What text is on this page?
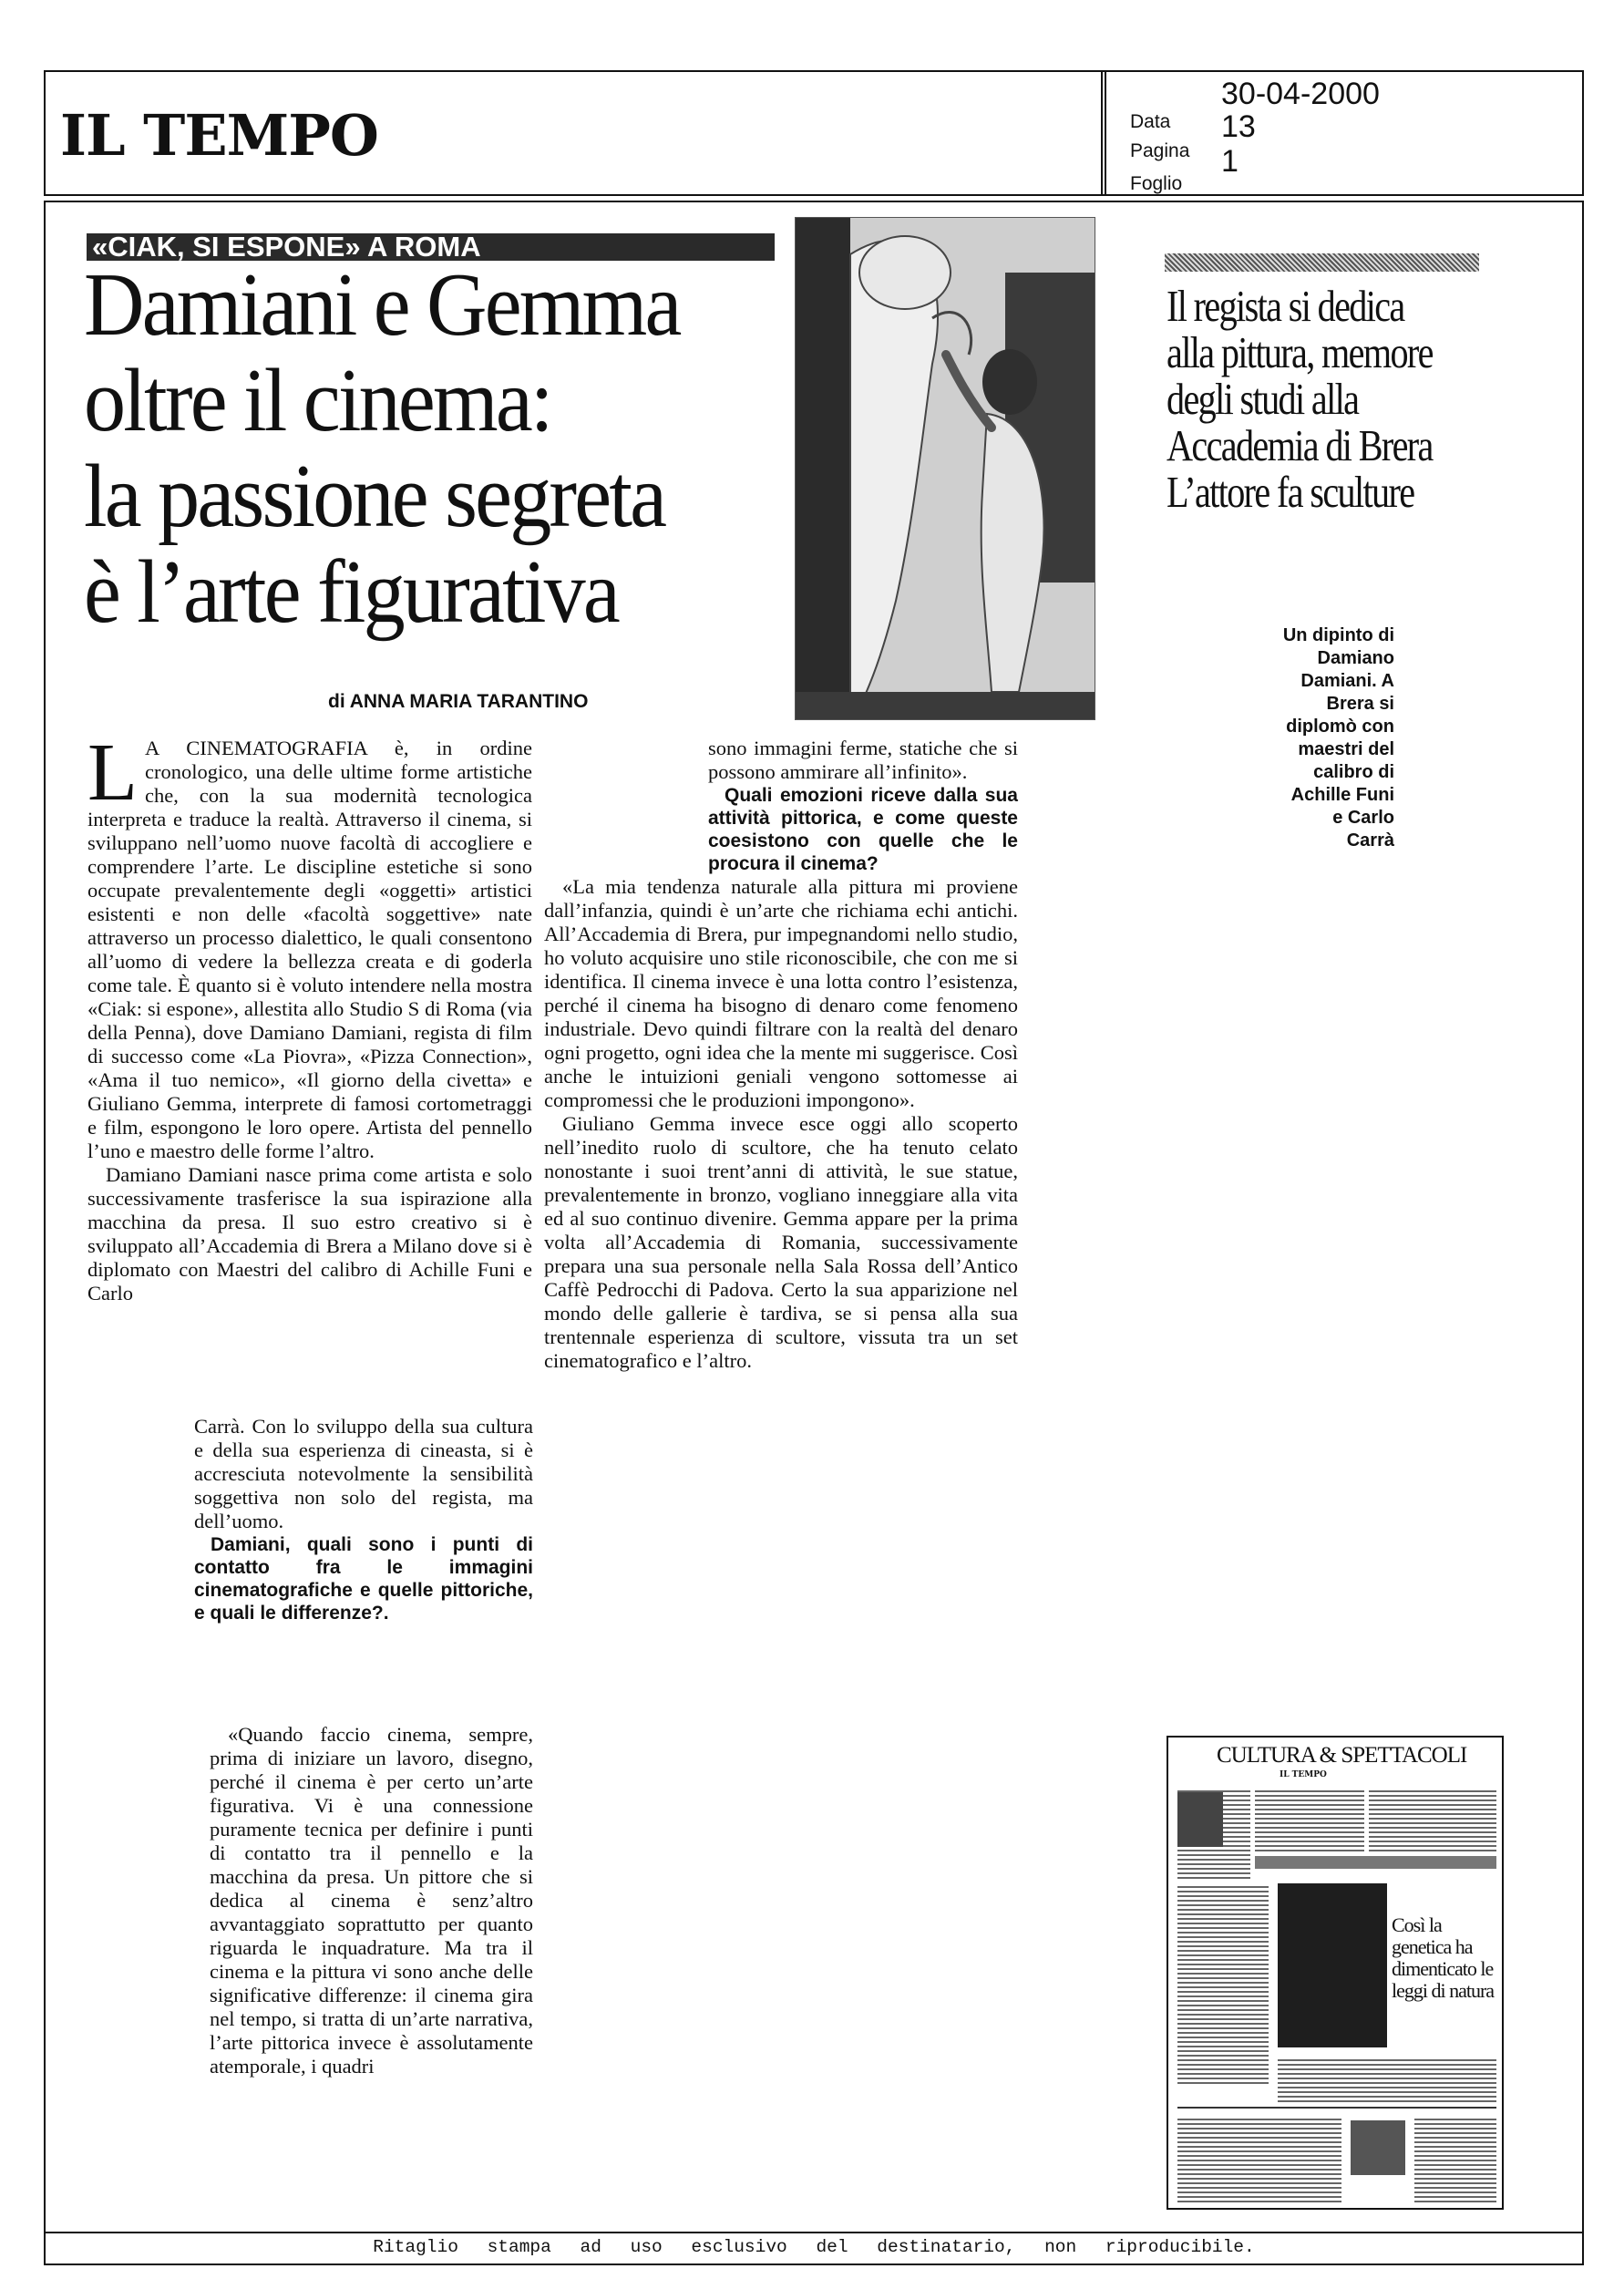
IL TEMPO	Data
30-04-2000
Pagina
13
Foglio
1
«CIAK, SI ESPONE» A ROMA
Damiani e Gemma
oltre il cinema:
la passione segreta
è l’arte figurativa
di ANNA MARIA TARANTINO

L A CINEMATOGRAFIA è, in ordine cronologico, una delle ultime forme artistiche che, con la sua modernità tecnologica interpreta e traduce la realtà. Attraverso il cinema, si sviluppano nell’uomo nuove facoltà di accogliere e comprendere l’arte. Le discipline estetiche si sono occupate prevalentemente degli «oggetti» artistici esistenti e non delle «facoltà soggettive» nate attraverso un processo dialettico, le quali consentono all’uomo di vedere la bellezza creata e di goderla come tale. È quanto si è voluto intendere nella mostra «Ciak: si espone», allestita allo Studio S di Roma (via della Penna), dove Damiano Damiani, regista di film di successo come «La Piovra», «Pizza Connection», «Ama il tuo nemico», «Il giorno della civetta» e Giuliano Gemma, interprete di famosi cortometraggi e film, espongono le loro opere. Artista del pennello l’uno e maestro delle forme l’altro.

Damiano Damiani nasce prima come artista e solo successivamente trasferisce la sua ispirazione alla macchina da presa. Il suo estro creativo si è sviluppato all’Accademia di Brera a Milano dove si è diplomato con Maestri del calibro di Achille Funi e Carlo

Carrà. Con lo sviluppo della sua cultura e della sua esperienza di cineasta, si è accresciuta notevolmente la sensibilità soggettiva non solo del regista, ma dell’uomo.

Damiani, quali sono i punti di contatto fra le immagini cinematografiche e quelle pittoriche, e quali le differenze?.

«Quando faccio cinema, sempre, prima di iniziare un lavoro, disegno, perché il cinema è per certo un’arte figurativa. Vi è una connessione puramente tecnica per definire i punti di contatto tra il pennello e la macchina da presa. Un pittore che si dedica al cinema è senz’altro avvantaggiato soprattutto per quanto riguarda le inquadrature. Ma tra il cinema e la pittura vi sono anche delle significative differenze: il cinema gira nel tempo, si tratta di un’arte narrativa, l’arte pittorica invece è assolutamente atemporale, i quadri

sono immagini ferme, statiche che si possono ammirare all’infinito».

Quali emozioni riceve dalla sua attività pittorica, e come queste coesistono con quelle che le procura il cinema?

«La mia tendenza naturale alla pittura mi proviene dall’infanzia, quindi è un’arte che richiama echi antichi. All’Accademia di Brera, pur impegnandomi nello studio, ho voluto acquisire uno stile riconoscibile, che con me si identifica. Il cinema invece è una lotta contro l’esistenza, perché il cinema ha bisogno di denaro come fenomeno industriale. Devo quindi filtrare con la realtà del denaro ogni progetto, ogni idea che la mente mi suggerisce. Così anche le intuizioni geniali vengono sottomesse ai compromessi che le produzioni impongono».

Giuliano Gemma invece esce oggi allo scoperto nell’inedito ruolo di scultore, che ha tenuto celato nonostante i suoi trent’anni di attività, le sue statue, prevalentemente in bronzo, vogliano inneggiare alla vita ed al suo continuo divenire. Gemma appare per la prima volta all’Accademia di Romania, successivamente prepara una sua personale nella Sala Rossa dell’Antico Caffè Pedrocchi di Padova. Certo la sua apparizione nel mondo delle gallerie è tardiva, se si pensa alla sua trentennale esperienza di scultore, vissuta tra un set cinematografico e l’altro.

Il regista si dedica
alla pittura, memore
degli studi alla
Accademia di Brera
L’attore fa sculture
Un dipinto di
Damiano
Damiani. A
Brera si
diplomò con
maestri del
calibro di
Achille Funi
e Carlo
Carrà
CULTURA & SPETTACOLI
IL TEMPO
Così la genetica ha dimenticato le leggi di natura
Ritaglio stampa ad uso esclusivo del destinatario, non riproducibile.
